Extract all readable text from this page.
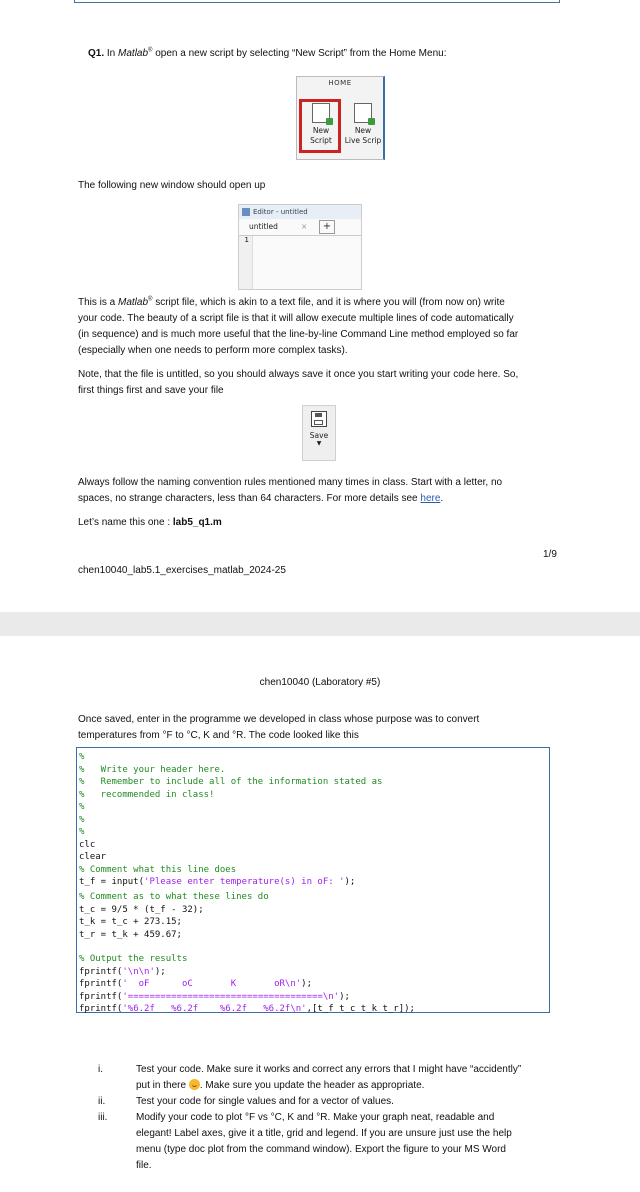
Q1. In Matlab® open a new script by selecting “New Script” from the Home Menu:
HOME
New
Script
New
Live Scrip
The following new window should open up
Editor - untitled
untitled	×	+
1
This is a Matlab® script file, which is akin to a text file, and it is where you will (from now on) write
your code. The beauty of a script file is that it will allow execute multiple lines of code automatically
(in sequence) and is much more useful that the line-by-line Command Line method employed so far
(especially when one needs to perform more complex tasks).
Note, that the file is untitled, so you should always save it once you start writing your code here. So,
first things first and save your file
Save
▼
Always follow the naming convention rules mentioned many times in class. Start with a letter, no
spaces, no strange characters, less than 64 characters. For more details see here.
Let’s name this one : lab5_q1.m
1/9
chen10040_lab5.1_exercises_matlab_2024-25
chen10040 (Laboratory #5)
Once saved, enter in the programme we developed in class whose purpose was to convert
temperatures from °F to °C, K and °R. The code looked like this
%
%   Write your header here.
%   Remember to include all of the information stated as
%   recommended in class!
%
%
%
clc
clear
% Comment what this line does
t_f = input('Please enter temperature(s) in oF: ');
% Comment as to what these lines do
t_c = 9/5 * (t_f - 32);
t_k = t_c + 273.15;
t_r = t_k + 459.67;
% Output the results
fprintf('\n\n');
fprintf('  oF      oC       K       oR\n');
fprintf('====================================\n');
fprintf('%6.2f   %6.2f    %6.2f   %6.2f\n',[t_f t_c t_k t_r]);
i.	Test your code. Make sure it works and correct any errors that I might have “accidently”
put in there . Make sure you update the header as appropriate.
ii.	Test your code for single values and for a vector of values.
iii.	Modify your code to plot °F vs °C, K and °R. Make your graph neat, readable and
elegant! Label axes, give it a title, grid and legend. If you are unsure just use the help
menu (type doc plot from the command window). Export the figure to your MS Word
file.
